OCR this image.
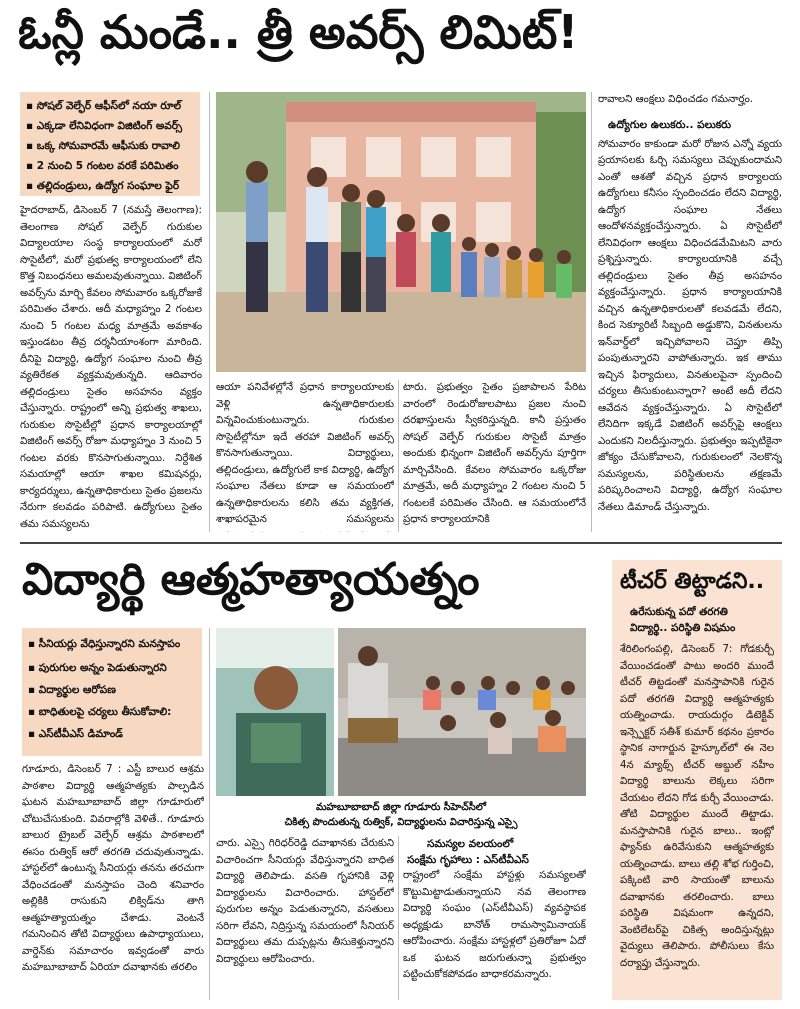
ఓన్లీ మండే.. త్రీ అవర్స్ లిమిట్!
▪ సోషల్ వెల్ఫేర్ ఆఫీస్‌లో నయా రూల్
▪ ఎక్కడా లేనివిధంగా విజిటింగ్ అవర్స్
▪ ఒక్క సోమవారమే ఆఫీసుకు రావాలి
▪ 2 నుంచి 5 గంటల వరకే పరిమితం
▪ తల్లిదండ్రులు, ఉద్యోగ సంఘాల ఫైర్

హైదరాబాద్, డిసెంబర్ 7 (నమస్తే తెలంగాణ): తెలంగాణ సోషల్ వెల్ఫేర్ గురుకుల విద్యాలయాల సంస్థ కార్యాలయంలో మరో సొసైటీలో, మరో ప్రభుత్వ కార్యాలయంలో లేని కొత్త నిబంధనలు అమలవుతున్నాయి. విజిటింగ్ అవర్స్‌ను మార్చి కేవలం సోమవారం ఒక్కరోజుకే పరిమితం చేశారు. అదీ మధ్యాహ్నం 2 గంటల నుంచి 5 గంటల మధ్య మాత్రమే అవకాశం ఇస్తుండటం తీవ్ర దర్శనీయాంశంగా మారింది. దీనిపై విద్యార్థి, ఉద్యోగ సంఘాల నుంచి తీవ్ర వ్యతిరేకత వ్యక్తమవుతున్నది. ఆదివారం తల్లిదండ్రులు సైతం అసహనం వ్యక్తం చేస్తున్నారు. రాష్ట్రంలో అన్ని ప్రభుత్వ శాఖలు, గురుకుల సొసైటీల్లో ప్రధాన కార్యాలయాల్లో విజిటింగ్ అవర్స్ రోజూ మధ్యాహ్నం 3 నుంచి 5 గంటల వరకు కొనసాగుతున్నాయి. నిర్దేశిత సమయాల్లో ఆయా శాఖల కమిషనర్లు, కార్యదర్శులు, ఉన్నతాధికారులు సైతం ప్రజలను నేరుగా కలవడం పరిపాటి. ఉద్యోగులు సైతం తమ సమస్యలను

ఆయా పనివేళల్లోనే ప్రధాన కార్యాలయాలకు వెళ్లి ఉన్నతాధికారులకు విన్నవించుకుంటున్నారు. గురుకుల సొసైటీల్లోనూ ఇదే తరహా విజిటింగ్ అవర్స్ కొనసాగుతున్నాయి. విద్యార్థులు, తల్లిదండ్రులు, ఉద్యోగులే కాక విద్యార్థి, ఉద్యోగ సంఘాల నేతలు కూడా ఆ సమయంలో ఉన్నతాధికారులను కలిసి తమ వ్యక్తిగత, శాఖాపరమైన సమస్యలను

టారు. ప్రభుత్వం సైతం ప్రజాపాలన పేరిట వారంలో రెండురోజులపాటు ప్రజల నుంచి దరఖాస్తులను స్వీకరిస్తున్నది. కానీ ప్రస్తుతం సోషల్ వెల్ఫేర్ గురుకుల సొసైటీ మాత్రం అందుకు భిన్నంగా విజిటింగ్ అవర్స్‌ను పూర్తిగా మార్చివేసింది. కేవలం సోమవారం ఒక్కరోజు మాత్రమే, అదీ మధ్యాహ్నం 2 గంటల నుంచి 5 గంటలకే పరిమితం చేసింది. ఆ సమయంలోనే ప్రధాన కార్యాలయానికి

రావాలని ఆంక్షలు విధించడం గమనార్హం.

ఉద్యోగుల ఉలుకరు.. పలుకరు

సోమవారం కాకుండా మరో రోజున ఎన్నో వ్యయ ప్రయాసలకు ఓర్చి సమస్యలు చెప్పుకుందామని ఎంతో ఆశతో వచ్చిన ప్రధాన కార్యాలయ ఉద్యోగులు కనీసం స్పందించడం లేదని విద్యార్థి, ఉద్యోగ సంఘాల నేతలు ఆందోళనవ్యక్తంచేస్తున్నారు. ఏ సొసైటీలో లేనివిధంగా ఆంక్షలు విధించడమేమిటని వారు ప్రశ్నిస్తున్నారు. కార్యాలయానికి వచ్చే తల్లిదండ్రులు సైతం తీవ్ర అసహనం వ్యక్తంచేస్తున్నారు. ప్రధాన కార్యాలయానికి వచ్చిన ఉన్నతాధికారులతో కలవడమే లేదని, కింద సెక్యూరిటీ సిబ్బంది అడ్డుకొని, వినతులను ఇన్‌వార్డ్‌లో ఇచ్చిపోవాలని చెప్తూ తిప్పి పంపుతున్నారని వాపోతున్నారు. ఇక తాము ఇచ్చిన ఫిర్యాదులు, వినతులపైనా స్పందించి చర్యలు తీసుకుంటున్నారా? అంటే అదీ లేదని ఆవేదన వ్యక్తంచేస్తున్నారు. ఏ సొసైటీలో లేనిదిగా ఇక్కడే విజిటింగ్ అవర్స్‌పై ఆంక్షలు ఎందుకని నిలదీస్తున్నారు. ప్రభుత్వం ఇప్పటికైనా జోక్యం చేసుకోవాలని, గురుకులంలో నెలకొన్న సమస్యలను, పరిస్థితులను తక్షణమే పరిష్కరించాలని విద్యార్థి, ఉద్యోగ సంఘాల నేతలు డిమాండ్ చేస్తున్నారు.

విద్యార్థి ఆత్మహత్యాయత్నం
▪ సీనియర్లు వేధిస్తున్నారని మనస్తాపం
▪ పురుగుల అన్నం పెడుతున్నారని
▪ విద్యార్థుల ఆరోపణ
▪ బాధితులపై చర్యలు తీసుకోవాలి:
▪ ఎస్‌టీవీఎస్ డిమాండ్
మహబూబాబాద్ జిల్లా గూడూరు సీహెచ్‌సీలో
చికిత్స పొందుతున్న రుత్విక్, విద్యార్థులను విచారిస్తున్న ఎస్సై

గూడూరు, డిసెంబర్ 7 : ఎస్టీ బాలుర ఆశ్రమ పాఠశాల విద్యార్థి ఆత్మహత్యకు పాల్పడిన ఘటన మహబూబాబాద్ జిల్లా గూడూరులో చోటుచేసుకుంది. వివరాల్లోకి వెళితే.. గూడూరు బాలుర ట్రైబల్ వెల్ఫేర్ ఆశ్రమ పాఠశాలలో ఈసం రుత్విక్ ఆరో తరగతి చదువుతున్నాడు. హాస్టల్‌లో ఉంటున్న సీనియర్లు తనను తరచుగా వేధించడంతో మనస్తాపం చెంది శనివారం అల్లికికి రాసుకుని లిక్విడ్‌ను తాగి ఆత్మహత్యాయత్నం చేశాడు. వెంటనే గమనించిన తోటి విద్యార్థులు ఉపాధ్యాయులు, వార్డెన్‌కు సమాచారం ఇవ్వడంతో వారు మహబూబాబాద్ ఏరియా దవాఖానకు తరలిం

చారు. ఎస్సై గిరిధర్‌రెడ్డి దవాఖానకు చేరుకుని విచారించగా సీనియర్లు వేధిస్తున్నారని బాధిత విద్యార్థి తెలిపాడు. వసతి గృహానికి వెళ్లి విద్యార్థులను విచారించారు. హాస్టల్‌లో పురుగుల అన్నం పెడుతున్నారని, వసతులు సరిగా లేవని, నిద్రిస్తున్న సమయంలో సీనియర్ విద్యార్థులు తమ దుప్పట్లను తీసుకెళ్తున్నారని విద్యార్థులు ఆరోపించారు.

సమస్యల వలయంలో

సంక్షేమ గృహాలు : ఎస్‌టీవీఎస్

రాష్ట్రంలో సంక్షేమ హాస్టళ్లు సమస్యలతో కొట్టుమిట్టాడుతున్నాయని నవ తెలంగాణ విద్యార్థి సంఘం (ఎస్‌టీవీఎస్) వ్యవస్థాపక అధ్యక్షుడు బానోత్ రామస్వామినాయక్ ఆరోపించారు. సంక్షేమ హాస్టళ్లలో ప్రతిరోజూ ఏదో ఒక ఘటన జరుగుతున్నా ప్రభుత్వం పట్టించుకోకపోవడం బాధాకరమన్నారు.

టీచర్ తిట్టాడని..
ఉరేసుకున్న పదో తరగతి
విద్యార్థి.. పరిస్థితి విషమం

శేరిలింగంపల్లి, డిసెంబర్ 7: గోడకుర్చీ వేయించడంతో పాటు అందరి ముందే టీచర్ తిట్టడంతో మనస్తాపానికి గురైన పదో తరగతి విద్యార్థి ఆత్మహత్యకు యత్నించాడు. రాయదుర్గం డిటెక్టివ్ ఇన్స్పెక్టర్ సతీశ్ కుమార్ కథనం ప్రకారం స్థానిక నాగార్జున హైస్కూల్‌లో ఈ నెల 4న మ్యాథ్స్ టీచర్ అబ్దుల్ నహీం విద్యార్థి బాలును లెక్కలు సరిగా చేయటం లేదని గోడ కుర్చీ వేయించాడు. తోటి విద్యార్థుల ముందే తిట్టాడు. మనస్తాపానికి గురైన బాలు.. ఇంట్లో ఫ్యాన్‌కు ఉరివేసుకుని ఆత్మహత్యకు యత్నించాడు. బాలు తల్లి శోభ గుర్తించి, పక్కింటి వారి సాయంతో బాలును దవాఖానకు తరలించారు. బాలు పరిస్థితి విషమంగా ఉన్నదని, వెంటిలేటర్‌పై చికిత్స అందిస్తున్నట్లు వైద్యులు తెలిపారు. పోలీసులు కేసు దర్యాప్తు చేస్తున్నారు.
